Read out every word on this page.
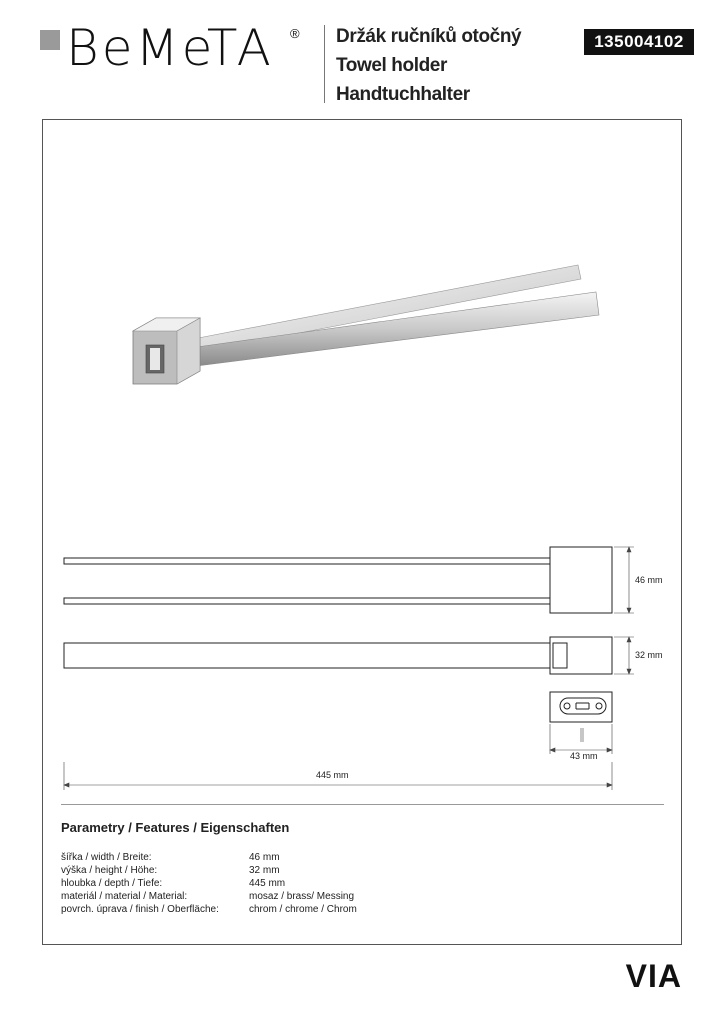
BeMeTA ® Držák ručníků otočný
Towel holder
Handtuchhalter
135004102
46 mm
32 mm
43 mm
445 mm
Parametry / Features / Eigenschaften
šířka / width / Breite:	46 mm
výška / height / Höhe:	32 mm
hloubka / depth / Tiefe:	445 mm
materiál / material / Material:	mosaz / brass/ Messing
povrch. úprava / finish / Oberfläche:	chrom / chrome / Chrom
VIA
